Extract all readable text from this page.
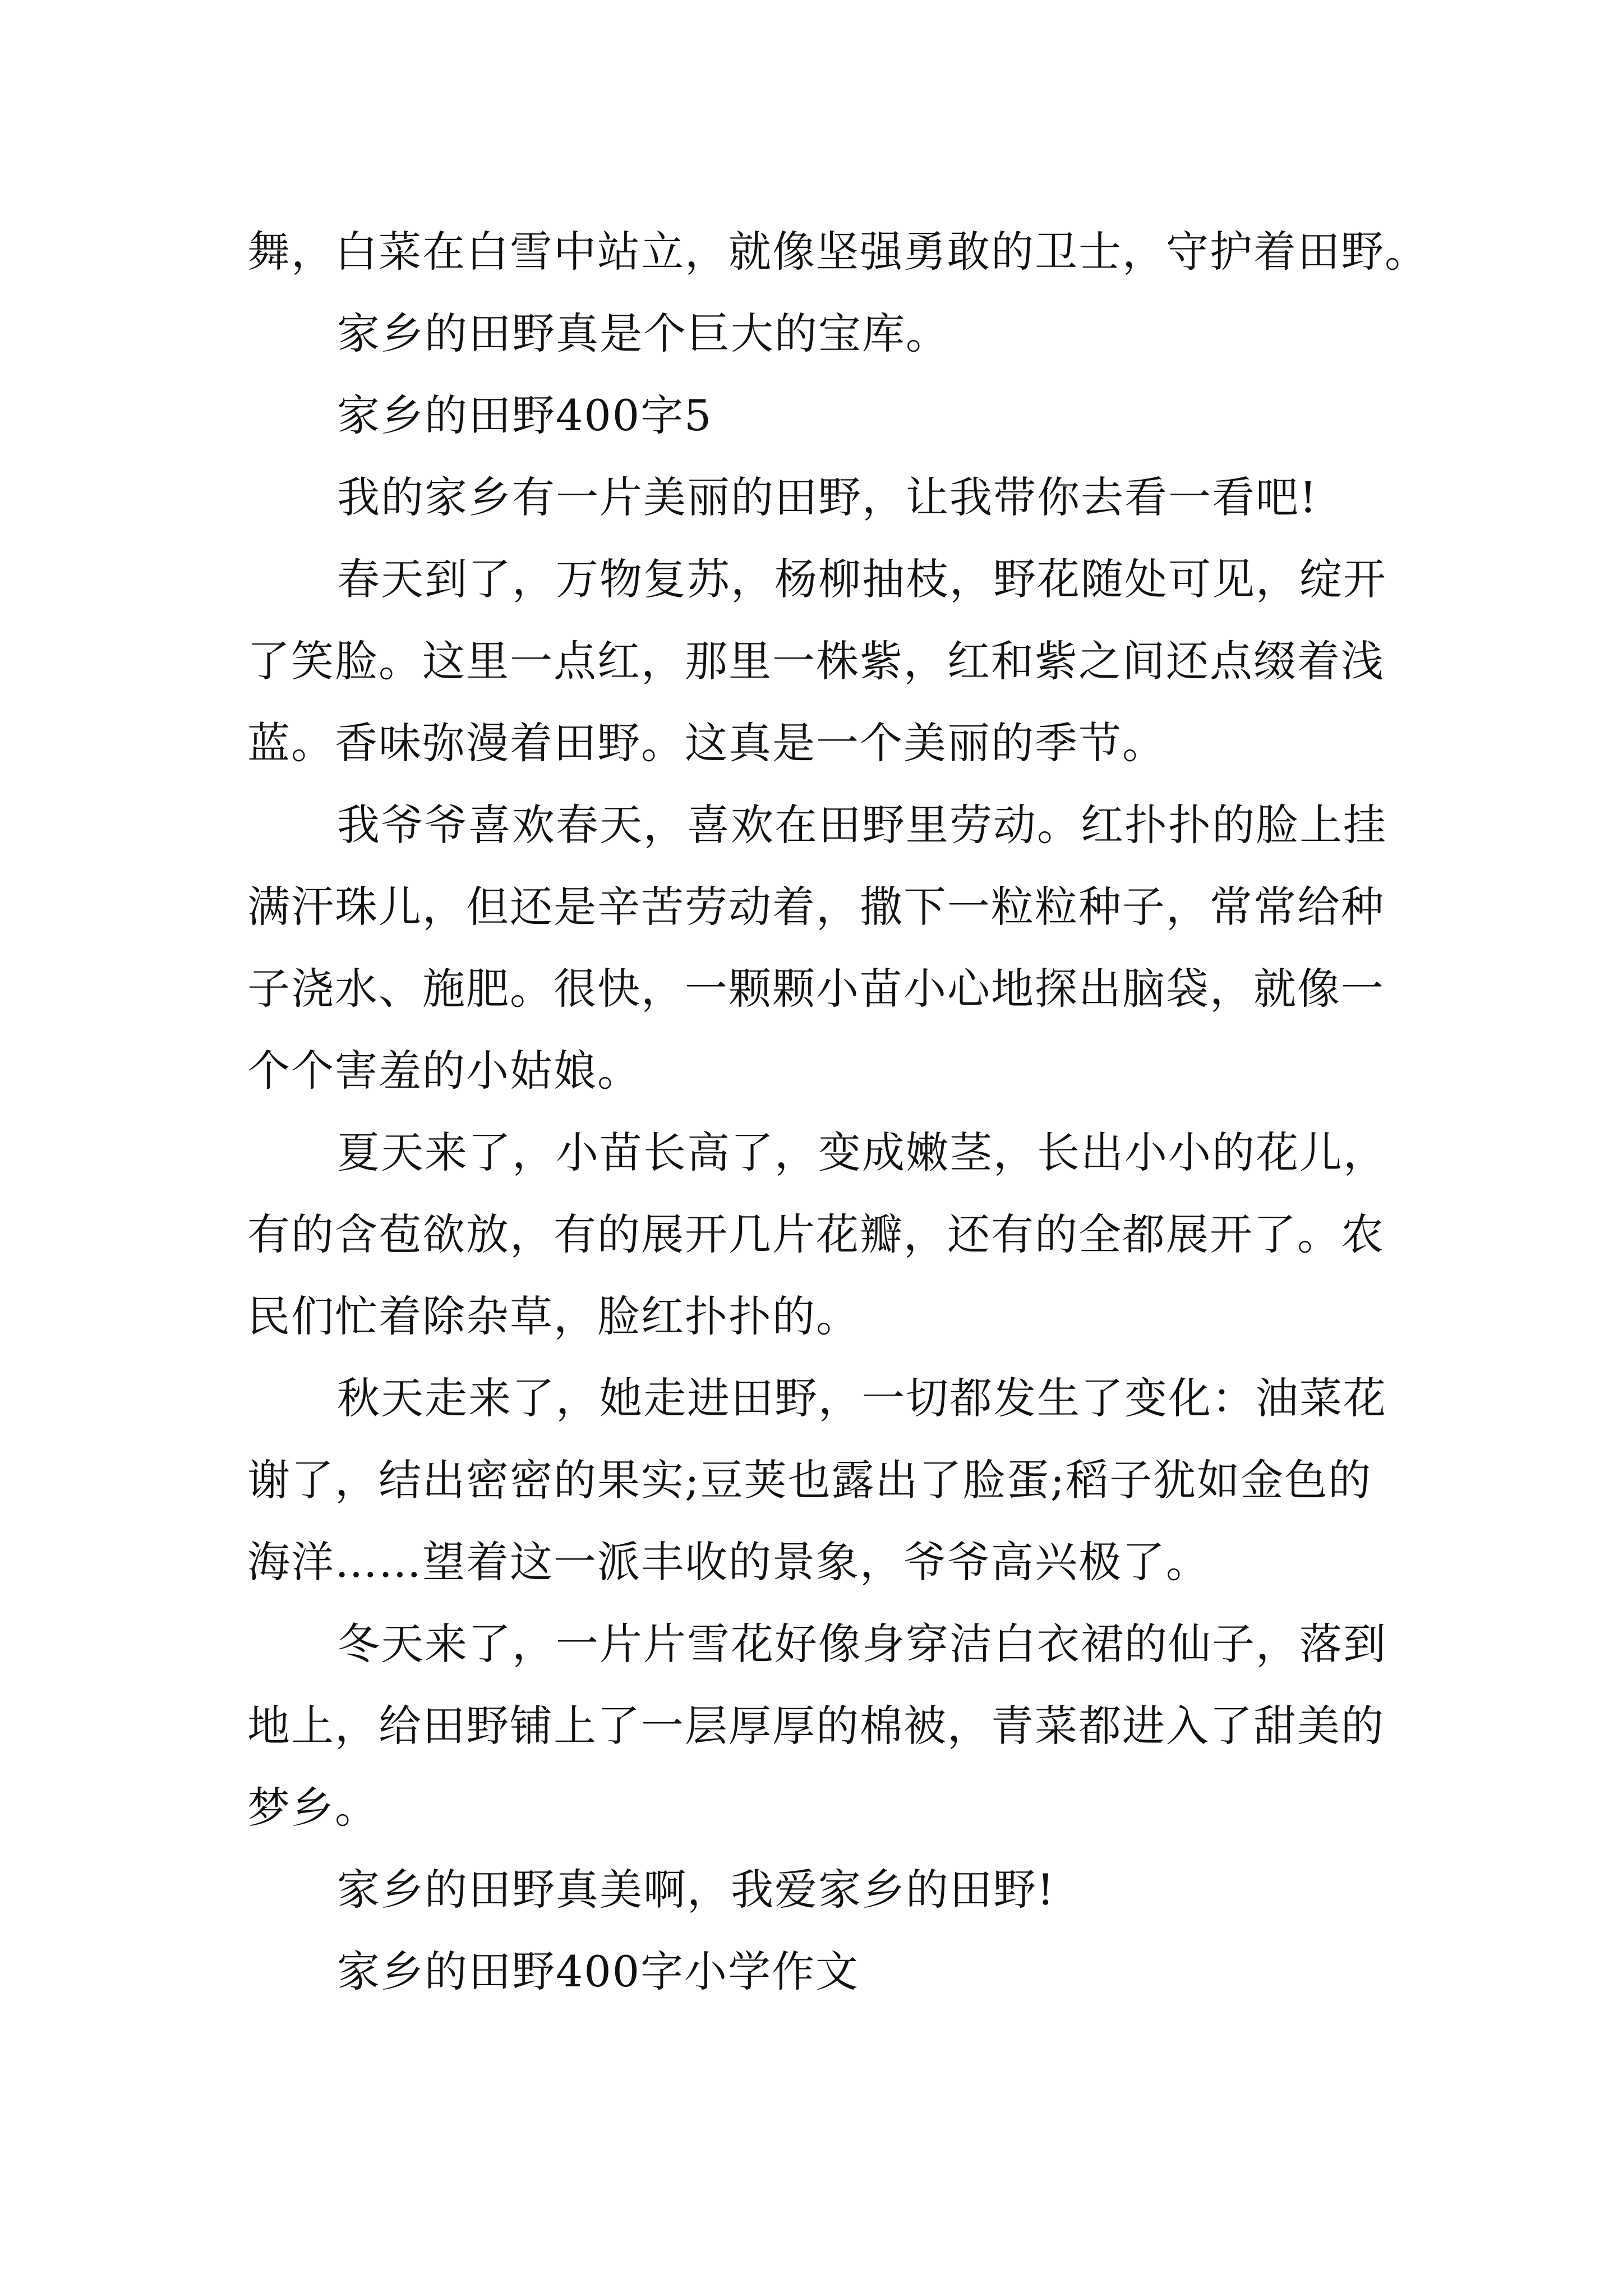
舞，白菜在白雪中站立，就像坚强勇敢的卫士，守护着田野。
家乡的田野真是个巨大的宝库。
家乡的田野400字5
我的家乡有一片美丽的田野，让我带你去看一看吧!
春天到了，万物复苏，杨柳抽枝，野花随处可见，绽开
了笑脸。这里一点红，那里一株紫，红和紫之间还点缀着浅
蓝。香味弥漫着田野。这真是一个美丽的季节。
我爷爷喜欢春天，喜欢在田野里劳动。红扑扑的脸上挂
满汗珠儿，但还是辛苦劳动着，撒下一粒粒种子，常常给种
子浇水、施肥。很快，一颗颗小苗小心地探出脑袋，就像一
个个害羞的小姑娘。
夏天来了，小苗长高了，变成嫩茎，长出小小的花儿，
有的含苞欲放，有的展开几片花瓣，还有的全都展开了。农
民们忙着除杂草，脸红扑扑的。
秋天走来了，她走进田野，一切都发生了变化：油菜花
谢了，结出密密的果实;豆荚也露出了脸蛋;稻子犹如金色的
海洋……望着这一派丰收的景象，爷爷高兴极了。
冬天来了，一片片雪花好像身穿洁白衣裙的仙子，落到
地上，给田野铺上了一层厚厚的棉被，青菜都进入了甜美的
梦乡。
家乡的田野真美啊，我爱家乡的田野!
家乡的田野400字小学作文
